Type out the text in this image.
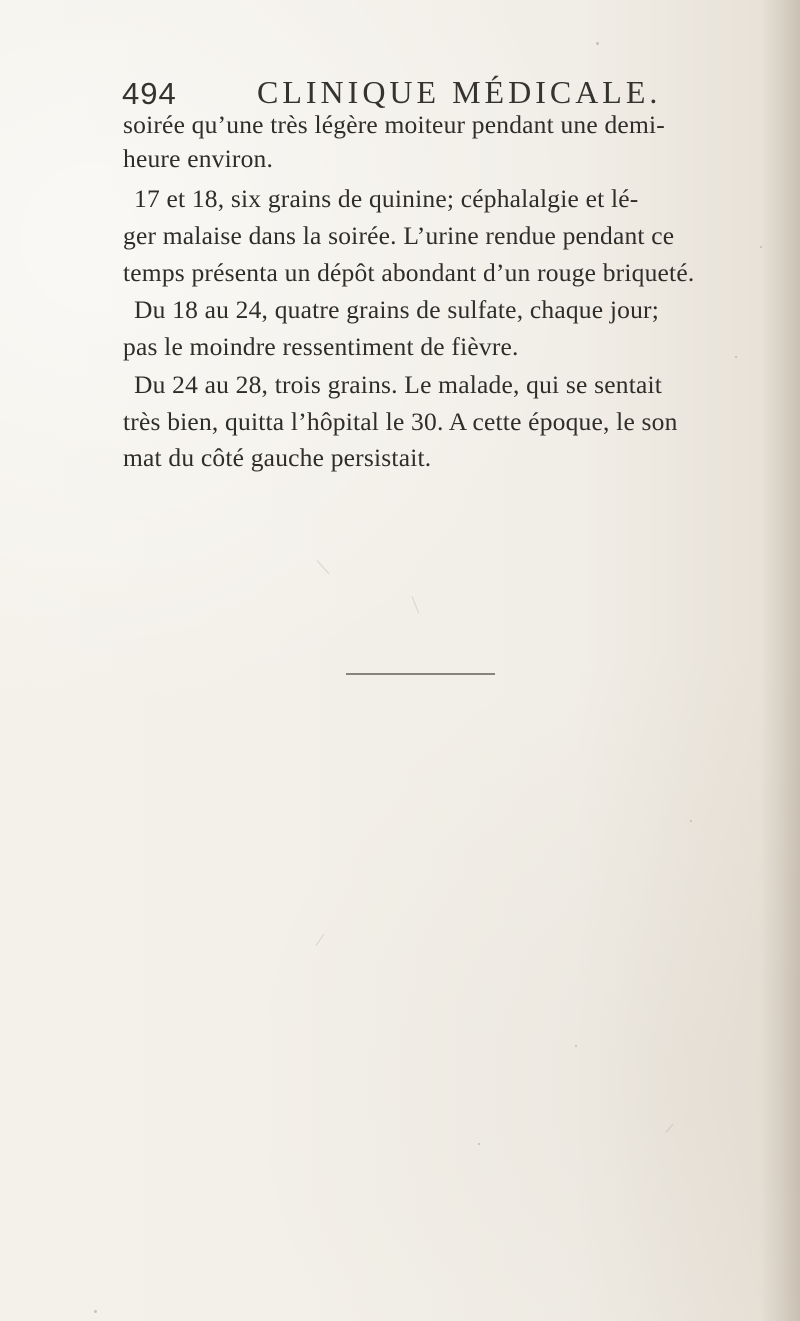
494	CLINIQUE MÉDICALE.
soirée qu’une très légère moiteur pendant une demi-
heure environ.
17 et 18, six grains de quinine; céphalalgie et lé-
ger malaise dans la soirée. L’urine rendue pendant ce
temps présenta un dépôt abondant d’un rouge briqueté.
Du 18 au 24, quatre grains de sulfate, chaque jour;
pas le moindre ressentiment de fièvre.
Du 24 au 28, trois grains. Le malade, qui se sentait
très bien, quitta l’hôpital le 30. A cette époque, le son
mat du côté gauche persistait.
